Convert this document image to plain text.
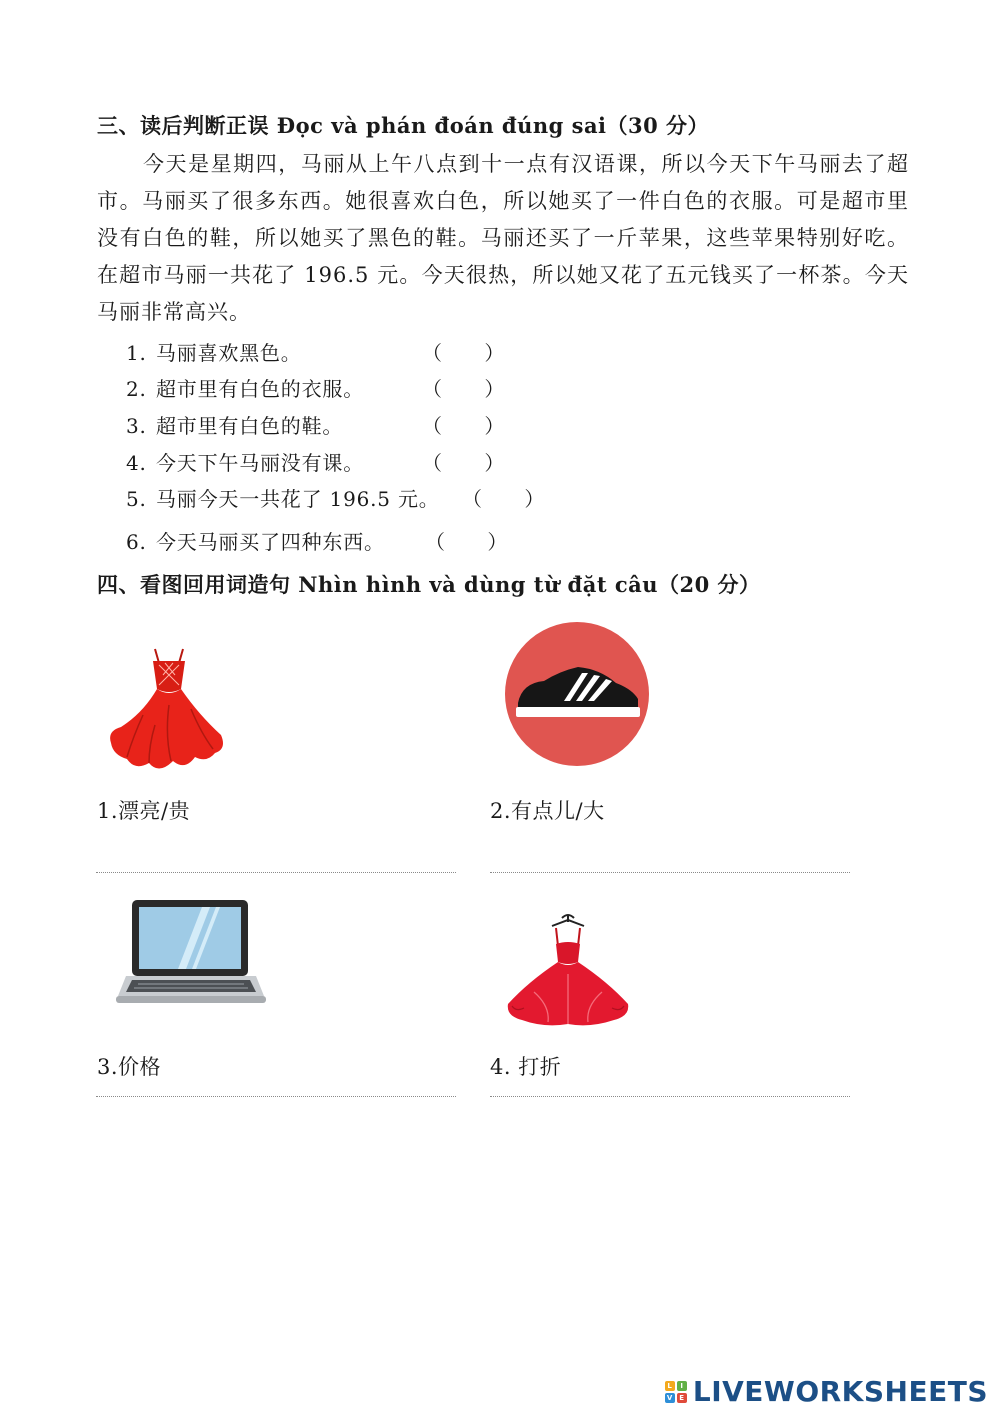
三、读后判断正误 Đọc và phán đoán đúng sai（30 分）
今天是星期四，马丽从上午八点到十一点有汉语课，所以今天下午马丽去了超市。马丽买了很多东西。她很喜欢白色，所以她买了一件白色的衣服。可是超市里没有白色的鞋，所以她买了黑色的鞋。马丽还买了一斤苹果，这些苹果特别好吃。在超市马丽一共花了 196.5 元。今天很热，所以她又花了五元钱买了一杯茶。今天马丽非常高兴。
1. 马丽喜欢黑色。	（　　）
2. 超市里有白色的衣服。	（　　）
3. 超市里有白色的鞋。	（　　）
4. 今天下午马丽没有课。	（　　）
5. 马丽今天一共花了 196.5 元。 （　　）
6. 今天马丽买了四种东西。 （　　）
四、看图回用词造句 Nhìn hình và dùng từ đặt câu（20 分）
1.漂亮/贵	2.有点儿/大
3.价格	4. 打折
L	I
V E LIVEWORKSHEETS
